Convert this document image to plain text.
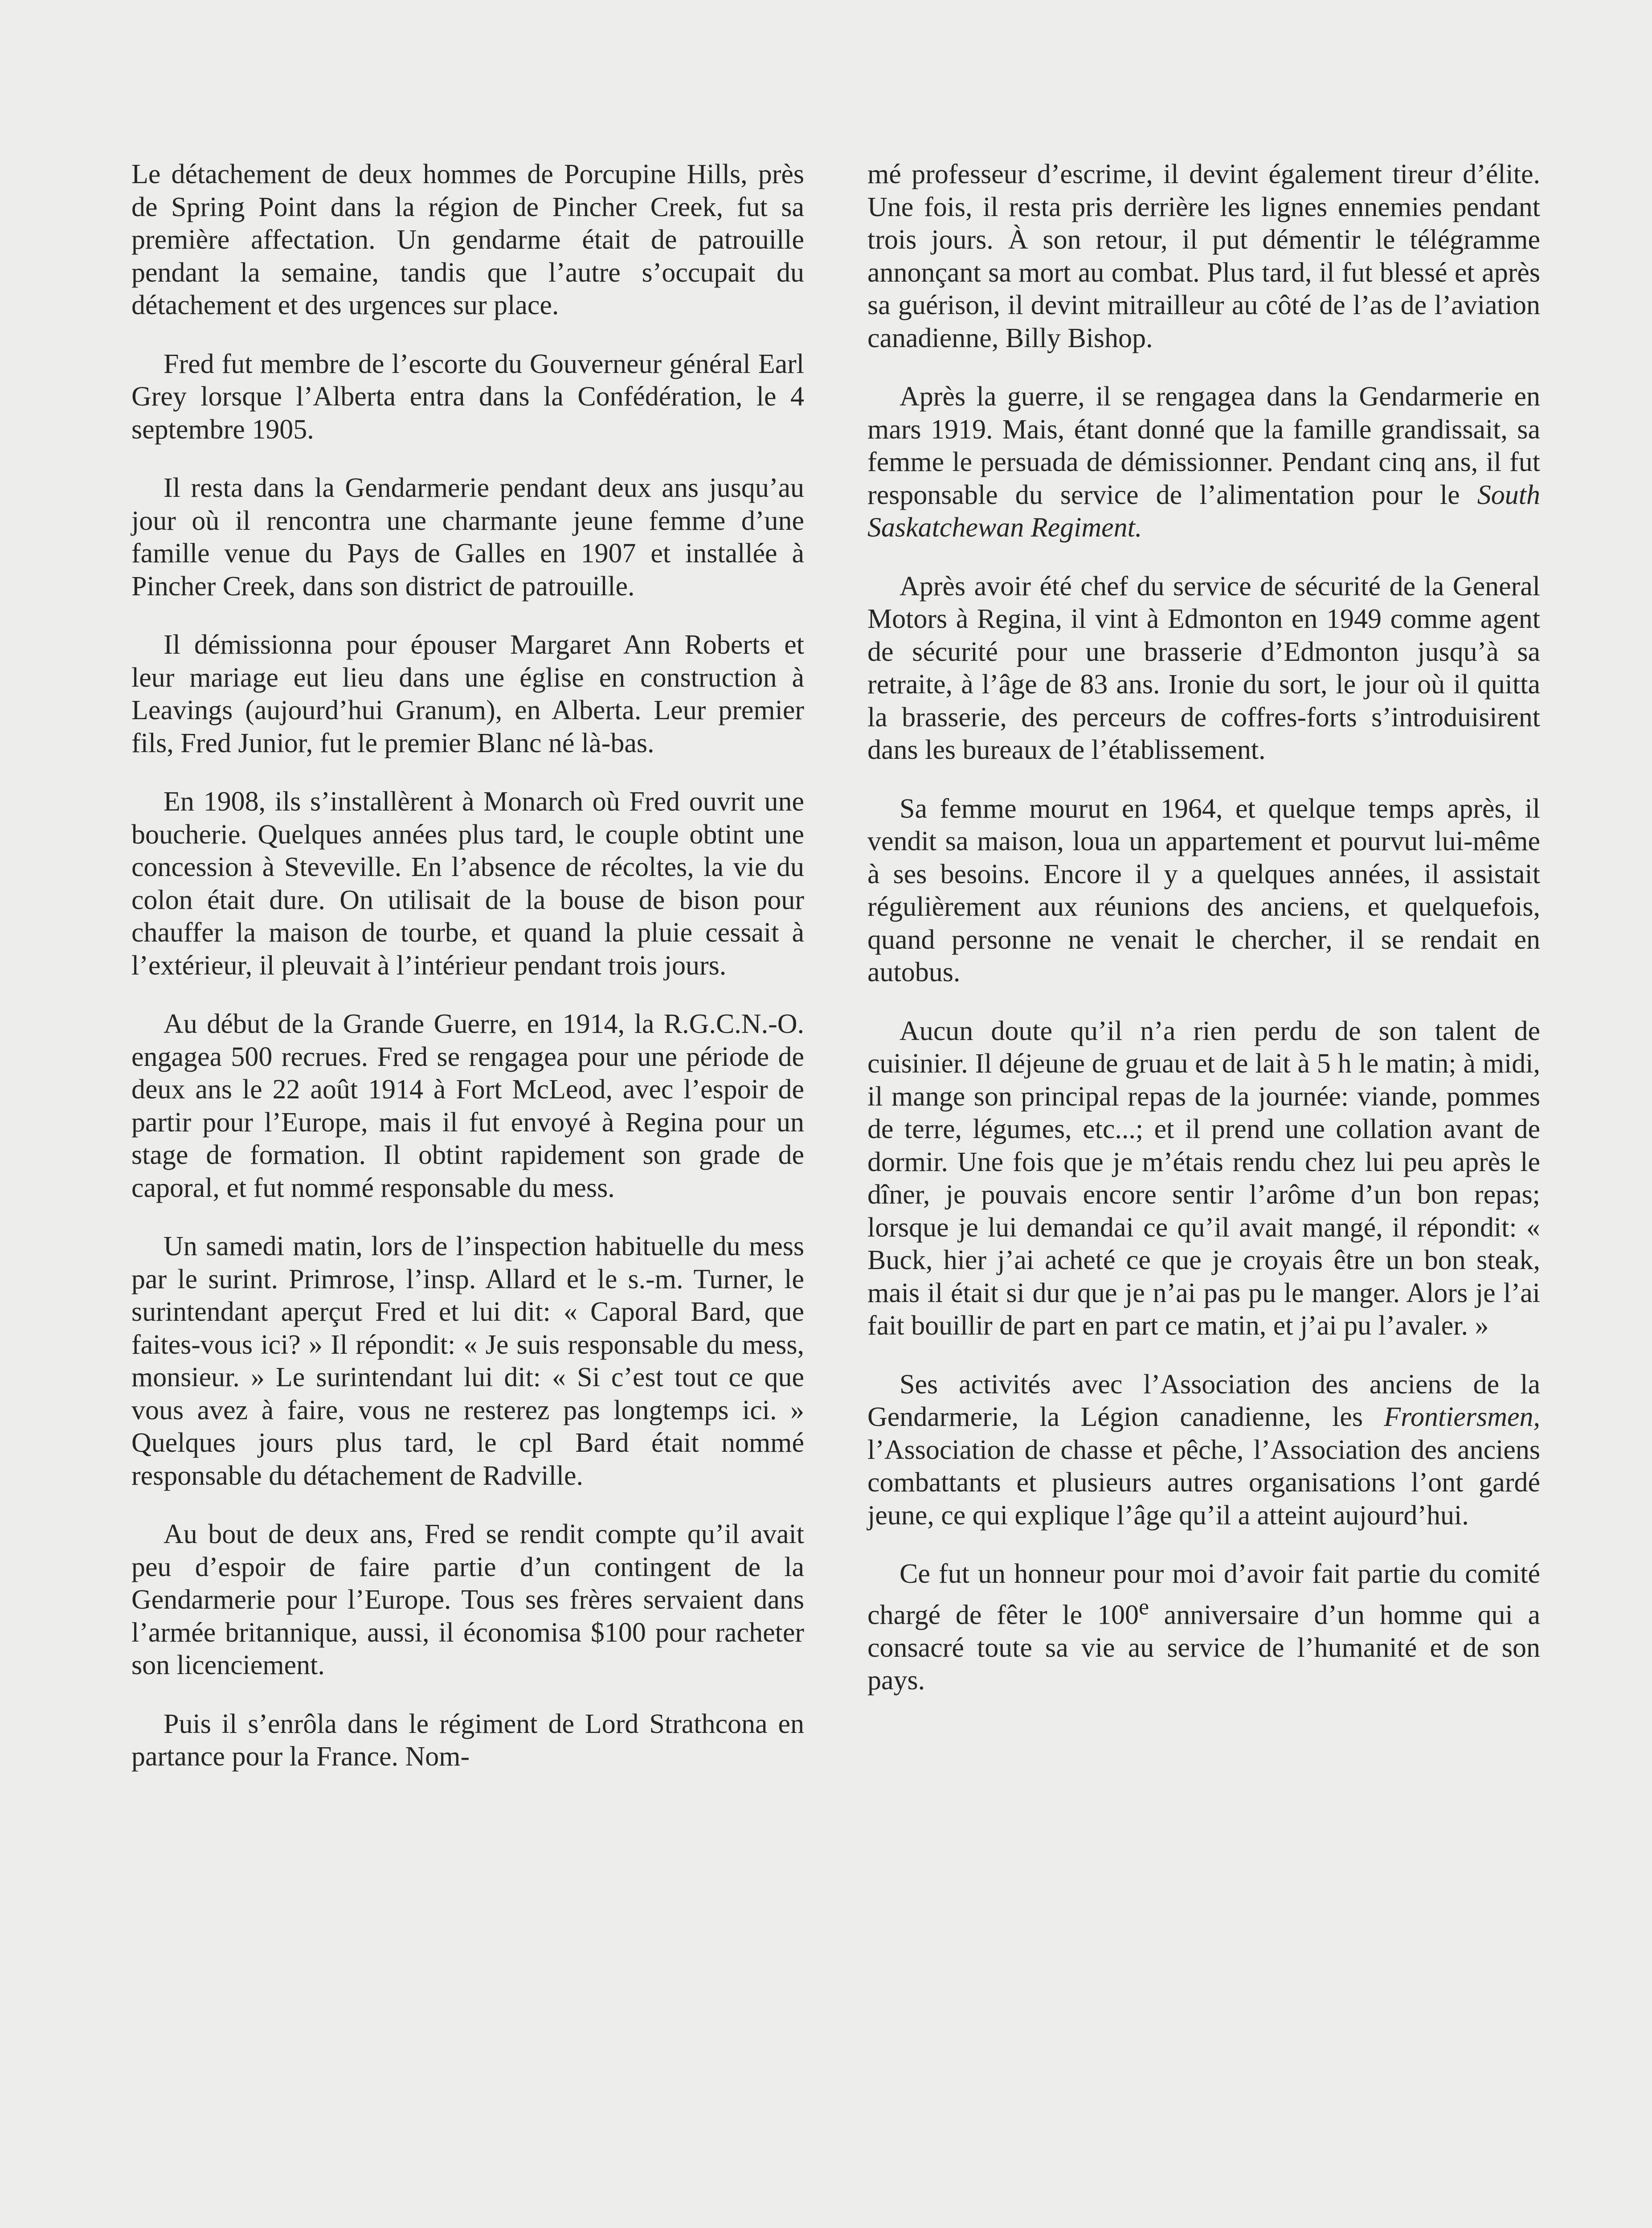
Le détachement de deux hommes de Porcupine Hills, près de Spring Point dans la région de Pincher Creek, fut sa première affectation. Un gendarme était de patrouille pendant la semaine, tandis que l’autre s’occupait du détachement et des urgences sur place.

Fred fut membre de l’escorte du Gouverneur général Earl Grey lorsque l’Alberta entra dans la Confédération, le 4 septembre 1905.

Il resta dans la Gendarmerie pendant deux ans jusqu’au jour où il rencontra une charmante jeune femme d’une famille venue du Pays de Galles en 1907 et installée à Pincher Creek, dans son district de patrouille.

Il démissionna pour épouser Margaret Ann Roberts et leur mariage eut lieu dans une église en construction à Leavings (aujourd’hui Granum), en Alberta. Leur premier fils, Fred Junior, fut le premier Blanc né là-bas.

En 1908, ils s’installèrent à Monarch où Fred ouvrit une boucherie. Quelques années plus tard, le couple obtint une concession à Steveville. En l’absence de récoltes, la vie du colon était dure. On utilisait de la bouse de bison pour chauffer la maison de tourbe, et quand la pluie cessait à l’extérieur, il pleuvait à l’intérieur pendant trois jours.

Au début de la Grande Guerre, en 1914, la R.G.C.N.-O. engagea 500 recrues. Fred se rengagea pour une période de deux ans le 22 août 1914 à Fort McLeod, avec l’espoir de partir pour l’Europe, mais il fut envoyé à Regina pour un stage de formation. Il obtint rapidement son grade de caporal, et fut nommé responsable du mess.

Un samedi matin, lors de l’inspection habituelle du mess par le surint. Primrose, l’insp. Allard et le s.-m. Turner, le surintendant aperçut Fred et lui dit: « Caporal Bard, que faites-vous ici? » Il répondit: « Je suis responsable du mess, monsieur. » Le surintendant lui dit: « Si c’est tout ce que vous avez à faire, vous ne resterez pas longtemps ici. » Quelques jours plus tard, le cpl Bard était nommé responsable du détachement de Radville.

Au bout de deux ans, Fred se rendit compte qu’il avait peu d’espoir de faire partie d’un contingent de la Gendarmerie pour l’Europe. Tous ses frères servaient dans l’armée britannique, aussi, il économisa $100 pour racheter son licenciement.

Puis il s’enrôla dans le régiment de Lord Strathcona en partance pour la France. Nom-

mé professeur d’escrime, il devint également tireur d’élite. Une fois, il resta pris derrière les lignes ennemies pendant trois jours. À son retour, il put démentir le télégramme annonçant sa mort au combat. Plus tard, il fut blessé et après sa guérison, il devint mitrailleur au côté de l’as de l’aviation canadienne, Billy Bishop.

Après la guerre, il se rengagea dans la Gendarmerie en mars 1919. Mais, étant donné que la famille grandissait, sa femme le persuada de démissionner. Pendant cinq ans, il fut responsable du service de l’alimentation pour le South Saskatchewan Regiment.

Après avoir été chef du service de sécurité de la General Motors à Regina, il vint à Edmonton en 1949 comme agent de sécurité pour une brasserie d’Edmonton jusqu’à sa retraite, à l’âge de 83 ans. Ironie du sort, le jour où il quitta la brasserie, des perceurs de coffres-forts s’introduisirent dans les bureaux de l’établissement.

Sa femme mourut en 1964, et quelque temps après, il vendit sa maison, loua un appartement et pourvut lui-même à ses besoins. Encore il y a quelques années, il assistait régulièrement aux réunions des anciens, et quelquefois, quand personne ne venait le chercher, il se rendait en autobus.

Aucun doute qu’il n’a rien perdu de son talent de cuisinier. Il déjeune de gruau et de lait à 5 h le matin; à midi, il mange son principal repas de la journée: viande, pommes de terre, légumes, etc...; et il prend une collation avant de dormir. Une fois que je m’étais rendu chez lui peu après le dîner, je pouvais encore sentir l’arôme d’un bon repas; lorsque je lui demandai ce qu’il avait mangé, il répondit: « Buck, hier j’ai acheté ce que je croyais être un bon steak, mais il était si dur que je n’ai pas pu le manger. Alors je l’ai fait bouillir de part en part ce matin, et j’ai pu l’avaler. »

Ses activités avec l’Association des anciens de la Gendarmerie, la Légion canadienne, les Frontiersmen, l’Association de chasse et pêche, l’Association des anciens combattants et plusieurs autres organisations l’ont gardé jeune, ce qui explique l’âge qu’il a atteint aujourd’hui.

Ce fut un honneur pour moi d’avoir fait partie du comité chargé de fêter le 100e anniversaire d’un homme qui a consacré toute sa vie au service de l’humanité et de son pays.
